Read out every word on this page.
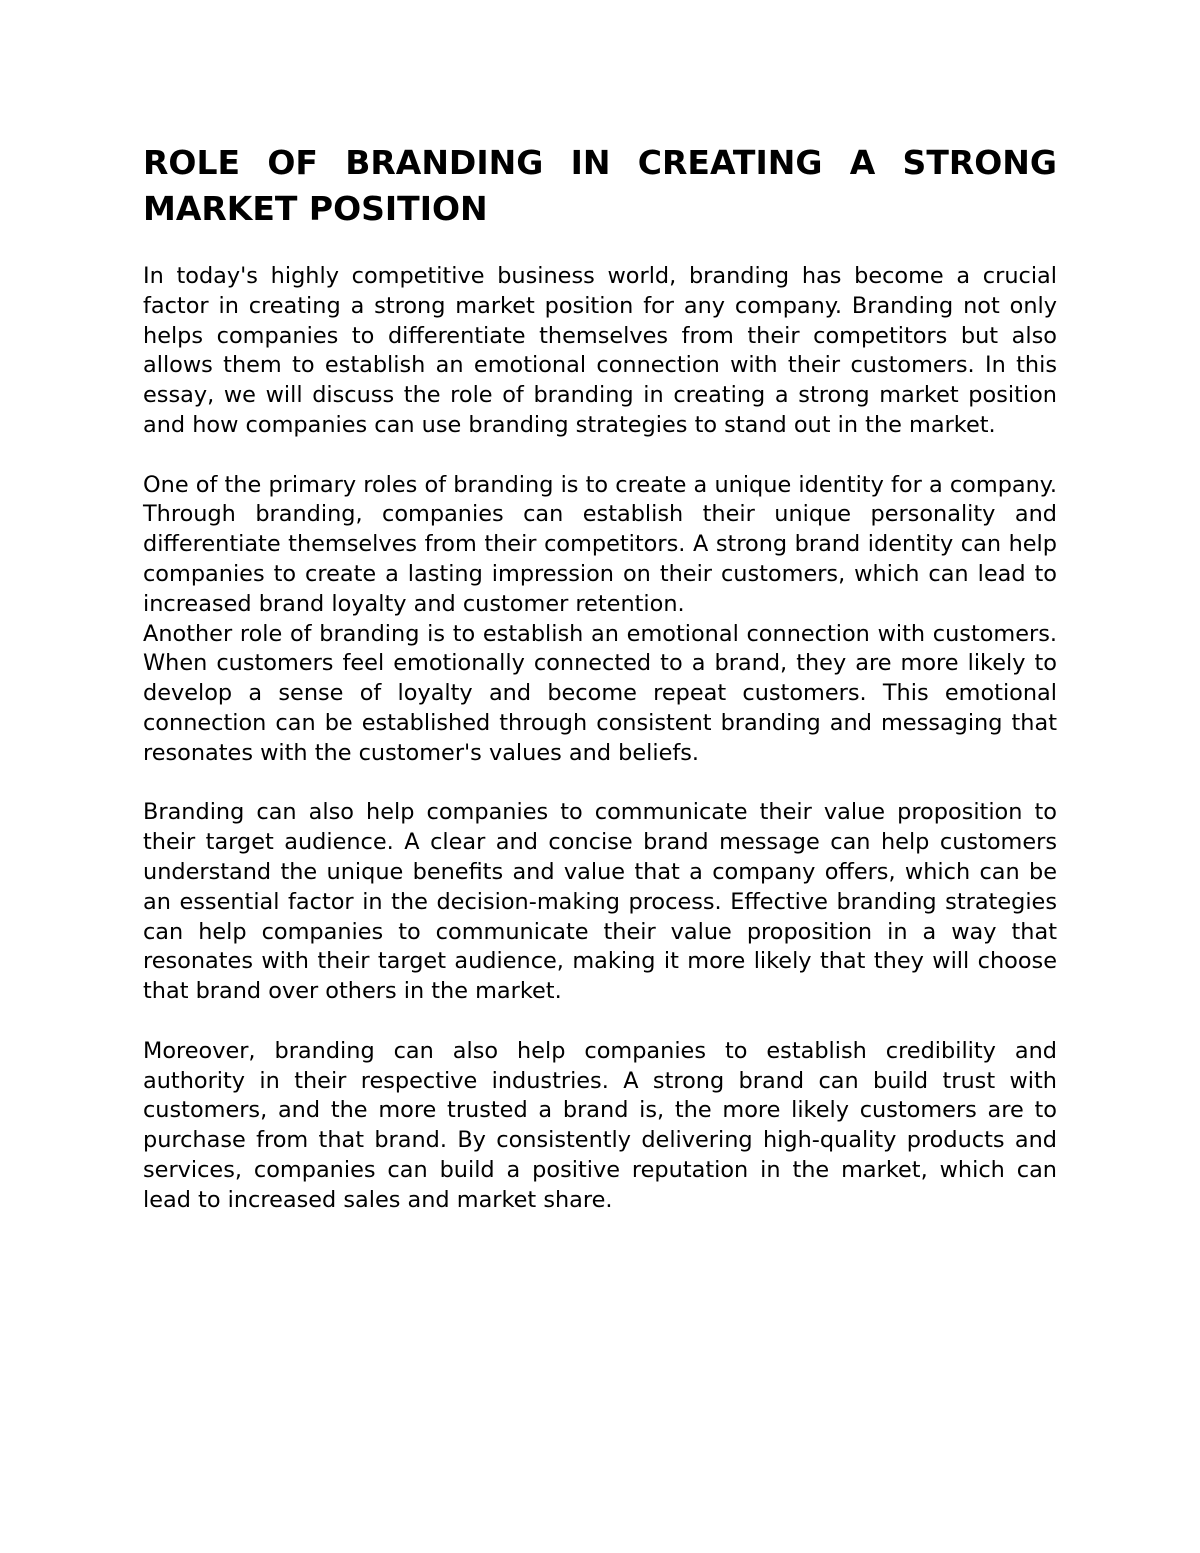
ROLE OF BRANDING IN CREATING A STRONG MARKET POSITION

In today's highly competitive business world, branding has become a crucial factor in creating a strong market position for any company. Branding not only helps companies to differentiate themselves from their competitors but also allows them to establish an emotional connection with their customers. In this essay, we will discuss the role of branding in creating a strong market position and how companies can use branding strategies to stand out in the market.

One of the primary roles of branding is to create a unique identity for a company. Through branding, companies can establish their unique personality and differentiate themselves from their competitors. A strong brand identity can help companies to create a lasting impression on their customers, which can lead to increased brand loyalty and customer retention.

Another role of branding is to establish an emotional connection with customers. When customers feel emotionally connected to a brand, they are more likely to develop a sense of loyalty and become repeat customers. This emotional connection can be established through consistent branding and messaging that resonates with the customer's values and beliefs.

Branding can also help companies to communicate their value proposition to their target audience. A clear and concise brand message can help customers understand the unique benefits and value that a company offers, which can be an essential factor in the decision-making process. Effective branding strategies can help companies to communicate their value proposition in a way that resonates with their target audience, making it more likely that they will choose that brand over others in the market.

Moreover, branding can also help companies to establish credibility and authority in their respective industries. A strong brand can build trust with customers, and the more trusted a brand is, the more likely customers are to purchase from that brand. By consistently delivering high-quality products and services, companies can build a positive reputation in the market, which can lead to increased sales and market share.
